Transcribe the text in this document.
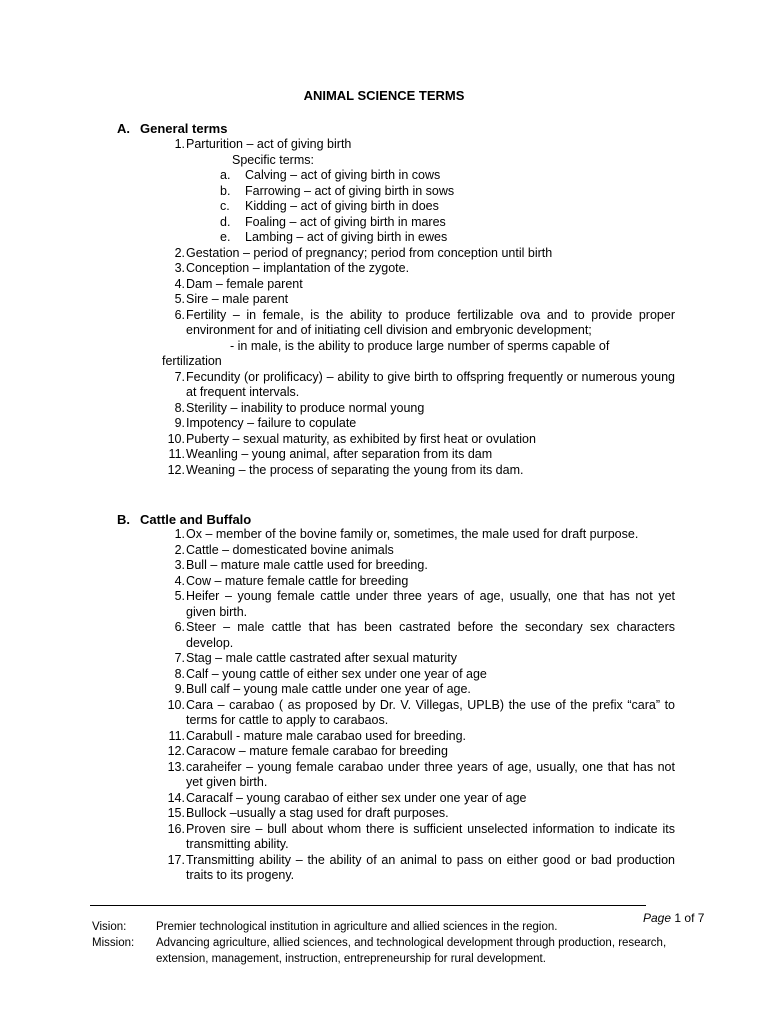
ANIMAL SCIENCE TERMS
A. General terms
1. Parturition – act of giving birth
Specific terms:
a.	Calving – act of giving birth in cows
b.	Farrowing – act of giving birth in sows
c.	Kidding – act of giving birth in does
d.	Foaling – act of giving birth in mares
e.	Lambing – act of giving birth in ewes
2. Gestation – period of pregnancy; period from conception until birth
3. Conception – implantation of the zygote.
4. Dam – female parent
5. Sire – male parent
6. Fertility – in female, is the ability to produce fertilizable ova and to provide proper environment for and of initiating cell division and embryonic development;
- in male, is the ability to produce large number of sperms capable of
fertilization
7. Fecundity (or prolificacy) – ability to give birth to offspring frequently or numerous young at frequent intervals.
8. Sterility – inability to produce normal young
9. Impotency – failure to copulate
10. Puberty – sexual maturity, as exhibited by first heat or ovulation
11. Weanling – young animal, after separation from its dam
12. Weaning – the process of separating the young from its dam.
B. Cattle and Buffalo
1. Ox – member of the bovine family or, sometimes, the male used for draft purpose.
2. Cattle – domesticated bovine animals
3. Bull – mature male cattle used for breeding.
4. Cow – mature female cattle for breeding
5. Heifer – young female cattle under three years of age, usually, one that has not yet given birth.
6. Steer – male cattle that has been castrated before the secondary sex characters develop.
7. Stag – male cattle castrated after sexual maturity
8. Calf – young cattle of either sex under one year of age
9. Bull calf – young male cattle under one year of age.
10. Cara – carabao ( as proposed by Dr. V. Villegas, UPLB) the use of the prefix “cara” to terms for cattle to apply to carabaos.
11. Carabull - mature male carabao used for breeding.
12. Caracow – mature female carabao for breeding
13. caraheifer – young female carabao under three years of age, usually, one that has not yet given birth.
14. Caracalf – young carabao of either sex under one year of age
15. Bullock –usually a stag used for draft purposes.
16. Proven sire – bull about whom there is sufficient unselected information to indicate its transmitting ability.
17. Transmitting ability – the ability of an animal to pass on either good or bad production traits to its progeny.
Page 1 of 7
Vision:	Premier technological institution in agriculture and allied sciences in the region.
Mission:	Advancing agriculture, allied sciences, and technological development through production, research, extension, management, instruction, entrepreneurship for rural development.
